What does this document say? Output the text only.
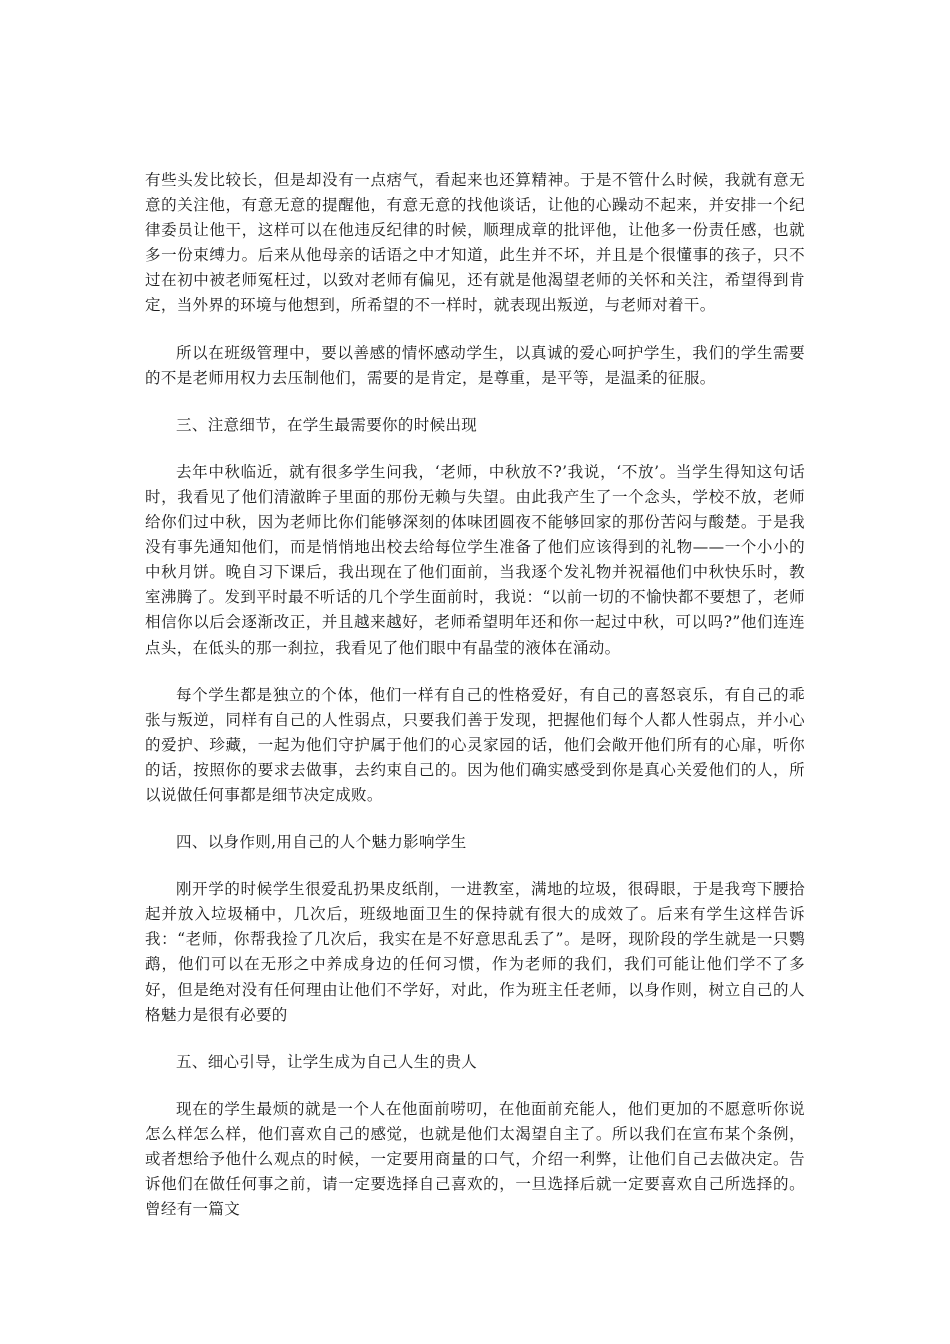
有些头发比较长，但是却没有一点痞气，看起来也还算精神。于是不管什么时候，我就有意无意的关注他，有意无意的提醒他，有意无意的找他谈话，让他的心躁动不起来，并安排一个纪律委员让他干，这样可以在他违反纪律的时候，顺理成章的批评他，让他多一份责任感，也就多一份束缚力。后来从他母亲的话语之中才知道，此生并不坏，并且是个很懂事的孩子，只不过在初中被老师冤枉过，以致对老师有偏见，还有就是他渴望老师的关怀和关注，希望得到肯定，当外界的环境与他想到，所希望的不一样时，就表现出叛逆，与老师对着干。

所以在班级管理中，要以善感的情怀感动学生，以真诚的爱心呵护学生，我们的学生需要的不是老师用权力去压制他们，需要的是肯定，是尊重，是平等，是温柔的征服。

三、注意细节，在学生最需要你的时候出现

去年中秋临近，就有很多学生问我，‘老师，中秋放不?’我说，‘不放’。当学生得知这句话时，我看见了他们清澈眸子里面的那份无赖与失望。由此我产生了一个念头，学校不放，老师给你们过中秋，因为老师比你们能够深刻的体味团圆夜不能够回家的那份苦闷与酸楚。于是我没有事先通知他们，而是悄悄地出校去给每位学生准备了他们应该得到的礼物——一个小小的中秋月饼。晚自习下课后，我出现在了他们面前，当我逐个发礼物并祝福他们中秋快乐时，教室沸腾了。发到平时最不听话的几个学生面前时，我说：“以前一切的不愉快都不要想了，老师相信你以后会逐渐改正，并且越来越好，老师希望明年还和你一起过中秋，可以吗?”他们连连点头，在低头的那一刹拉，我看见了他们眼中有晶莹的液体在涌动。

每个学生都是独立的个体，他们一样有自己的性格爱好，有自己的喜怒哀乐，有自己的乖张与叛逆，同样有自己的人性弱点，只要我们善于发现，把握他们每个人都人性弱点，并小心的爱护、珍藏，一起为他们守护属于他们的心灵家园的话，他们会敞开他们所有的心扉，听你的话，按照你的要求去做事，去约束自己的。因为他们确实感受到你是真心关爱他们的人，所以说做任何事都是细节决定成败。

四、以身作则,用自己的人个魅力影响学生

刚开学的时候学生很爱乱扔果皮纸削，一进教室，满地的垃圾，很碍眼，于是我弯下腰拾起并放入垃圾桶中，几次后，班级地面卫生的保持就有很大的成效了。后来有学生这样告诉我：“老师，你帮我捡了几次后，我实在是不好意思乱丢了”。是呀，现阶段的学生就是一只鹦鹉，他们可以在无形之中养成身边的任何习惯，作为老师的我们，我们可能让他们学不了多好，但是绝对没有任何理由让他们不学好，对此，作为班主任老师，以身作则，树立自己的人格魅力是很有必要的

五、细心引导，让学生成为自己人生的贵人

现在的学生最烦的就是一个人在他面前唠叨，在他面前充能人，他们更加的不愿意听你说怎么样怎么样，他们喜欢自己的感觉，也就是他们太渴望自主了。所以我们在宣布某个条例，或者想给予他什么观点的时候，一定要用商量的口气，介绍一利弊，让他们自己去做决定。告诉他们在做任何事之前，请一定要选择自己喜欢的，一旦选择后就一定要喜欢自己所选择的。曾经有一篇文
